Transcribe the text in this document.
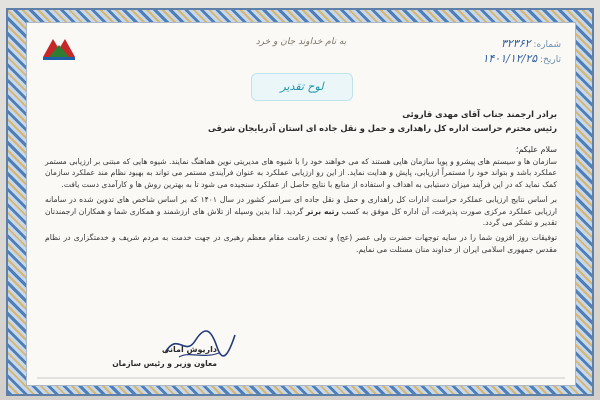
به نام خداوند جان و خرد	شماره: ۳۲۳۶۲
تاریخ: ۱۴۰۱/۱۲/۲۵
لوح تقدیر

برادر ارجمند جناب آقای مهدی قاروئی

رئیس محترم حراست اداره کل راهداری و حمل و نقل جاده ای استان آذربایجان شرقی

سلام علیکم؛

سازمان ها و سیستم های پیشرو و پویا سازمان هایی هستند که می خواهند خود را با شیوه های مدیریتی نوین هماهنگ نمایند. شیوه هایی که مبتنی بر ارزیابی مستمر عملکرد باشد و بتواند خود را مستمراً ارزیابی، پایش و هدایت نماید. از این رو ارزیابی عملکرد به عنوان فرآیندی مستمر می تواند به بهبود نظام مند عملکرد سازمان کمک نماید که در این فرآیند میزان دستیابی به اهداف و استفاده از منابع با نتایج حاصل از عملکرد سنجیده می شود تا به بهترین روش ها و کارآمدی دست یافت.

بر اساس نتایج ارزیابی عملکرد حراست ادارات کل راهداری و حمل و نقل جاده ای سراسر کشور در سال ۱۴۰۱ که بر اساس شاخص های تدوین شده در سامانه ارزیابی عملکرد مرکزی صورت پذیرفت، آن اداره کل موفق به کسب رتبه برتر گردید. لذا بدین وسیله از تلاش های ارزشمند و همکاری شما و همکاران ارجمندتان تقدیر و تشکر می گردد.

توفیقات روز افزون شما را در سایه توجهات حضرت ولی عصر (عج) و تحت زعامت مقام معظم رهبری در جهت خدمت به مردم شریف و خدمتگزاری در نظام مقدس جمهوری اسلامی ایران از خداوند منان مسئلت می نمایم.

داریوش امانی

معاون وزیر و رئیس سازمان
